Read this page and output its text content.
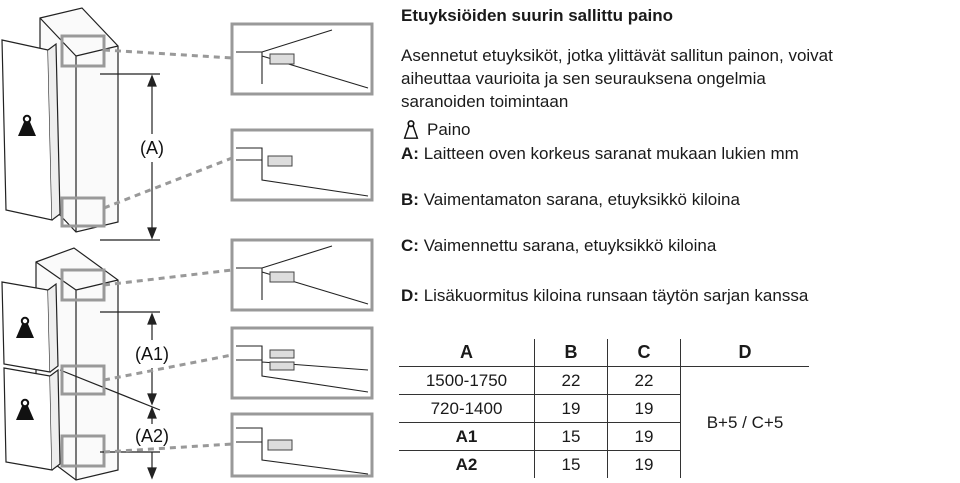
(A)
(A1)
(A2)
Etuyksiöiden suurin sallittu paino
Asennetut etuyksiköt, jotka ylittävät sallitun painon, voivat
aiheuttaa vaurioita ja sen seurauksena ongelmia
saranoiden toimintaan
Paino
A: Laitteen oven korkeus saranat mukaan lukien mm
B: Vaimentamaton sarana, etuyksikkö kiloina
C: Vaimennettu sarana, etuyksikkö kiloina
D: Lisäkuormitus kiloina runsaan täytön sarjan kanssa
A	B	C	D
1500-1750	22	22	B+5 / C+5
720-1400	19	19	
A1	15	19	
A2	15	19	
